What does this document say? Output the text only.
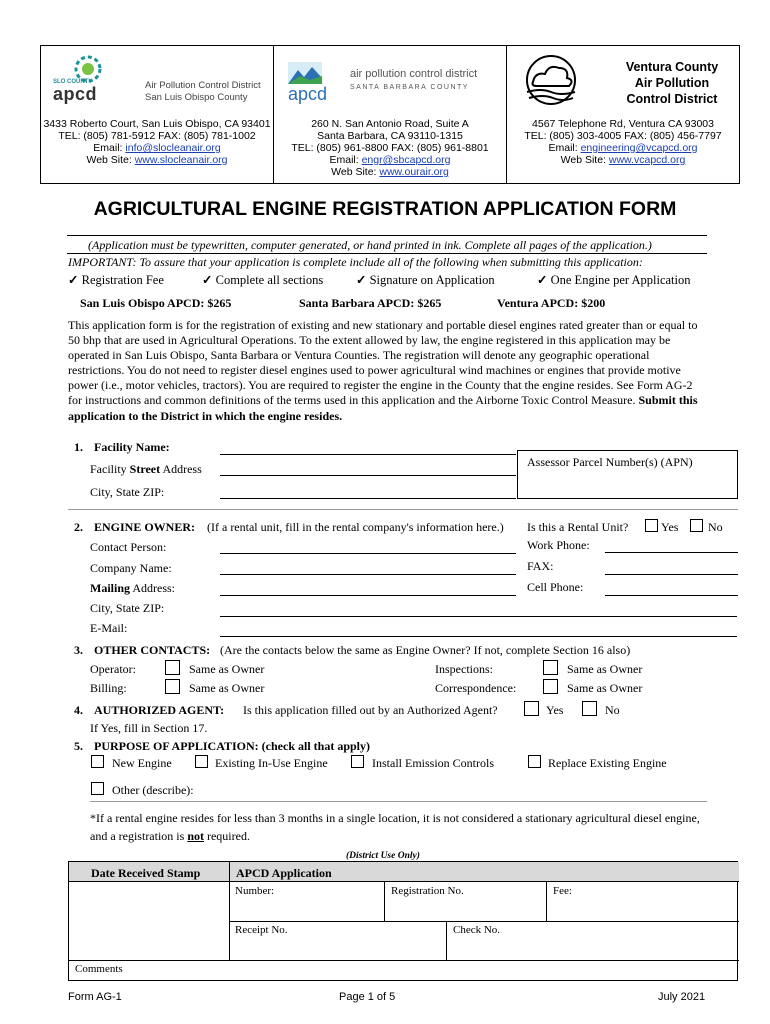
SLO COUNTY
apcd	Air Pollution Control District
San Luis Obispo County
3433 Roberto Court, San Luis Obispo, CA 93401
TEL: (805) 781-5912 FAX: (805) 781-1002
Email: info@slocleanair.org
Web Site: www.slocleanair.org
apcd
air pollution control district
SANTA BARBARA COUNTY
260 N. San Antonio Road, Suite A
Santa Barbara, CA 93110-1315
TEL: (805) 961-8800 FAX: (805) 961-8801
Email: engr@sbcapcd.org
Web Site: www.ourair.org
Ventura County
Air Pollution
Control District
4567 Telephone Rd, Ventura CA 93003
TEL: (805) 303-4005 FAX: (805) 456-7797
Email: engineering@vcapcd.org
Web Site: www.vcapcd.org
AGRICULTURAL ENGINE REGISTRATION APPLICATION FORM
(Application must be typewritten, computer generated, or hand printed in ink. Complete all pages of the application.)
IMPORTANT: To assure that your application is complete include all of the following when submitting this application:
✓ Registration Fee	✓ Complete all sections	✓ Signature on Application	✓ One Engine per Application
San Luis Obispo APCD: $265	Santa Barbara APCD: $265	Ventura APCD: $200
This application form is for the registration of existing and new stationary and portable diesel engines rated greater than or equal to 50 bhp that are used in Agricultural Operations. To the extent allowed by law, the engine registered in this application may be operated in San Luis Obispo, Santa Barbara or Ventura Counties. The registration will denote any geographic operational restrictions. You do not need to register diesel engines used to power agricultural wind machines or engines that provide motive power (i.e., motor vehicles, tractors). You are required to register the engine in the County that the engine resides. See Form AG-2 for instructions and common definitions of the terms used in this application and the Airborne Toxic Control Measure. Submit this application to the District in which the engine resides.
1. Facility Name:
Facility Street Address
City, State ZIP:
Assessor Parcel Number(s) (APN)
2. ENGINE OWNER: (If a rental unit, fill in the rental company's information here.) Is this a Rental Unit?	Yes No
Contact Person:
Company Name:
Mailing Address:
City, State ZIP:
E-Mail:
Work Phone:
FAX:
Cell Phone:
3. OTHER CONTACTS: (Are the contacts below the same as Engine Owner? If not, complete Section 16 also)
Operator:	Same as Owner	Inspections:	Same as Owner
Billing:	Same as Owner	Correspondence:	Same as Owner
4. AUTHORIZED AGENT: Is this application filled out by an Authorized Agent?	Yes	No
If Yes, fill in Section 17.
5. PURPOSE OF APPLICATION: (check all that apply)
New Engine	Existing In-Use Engine	Install Emission Controls	Replace Existing Engine
Other (describe):
*If a rental engine resides for less than 3 months in a single location, it is not considered a stationary agricultural diesel engine, and a registration is not required.
(District Use Only)
Date Received Stamp	APCD Application
Number:	Registration No.	Fee:
Receipt No.	Check No.
Comments
Form AG-1	Page 1 of 5	July 2021
